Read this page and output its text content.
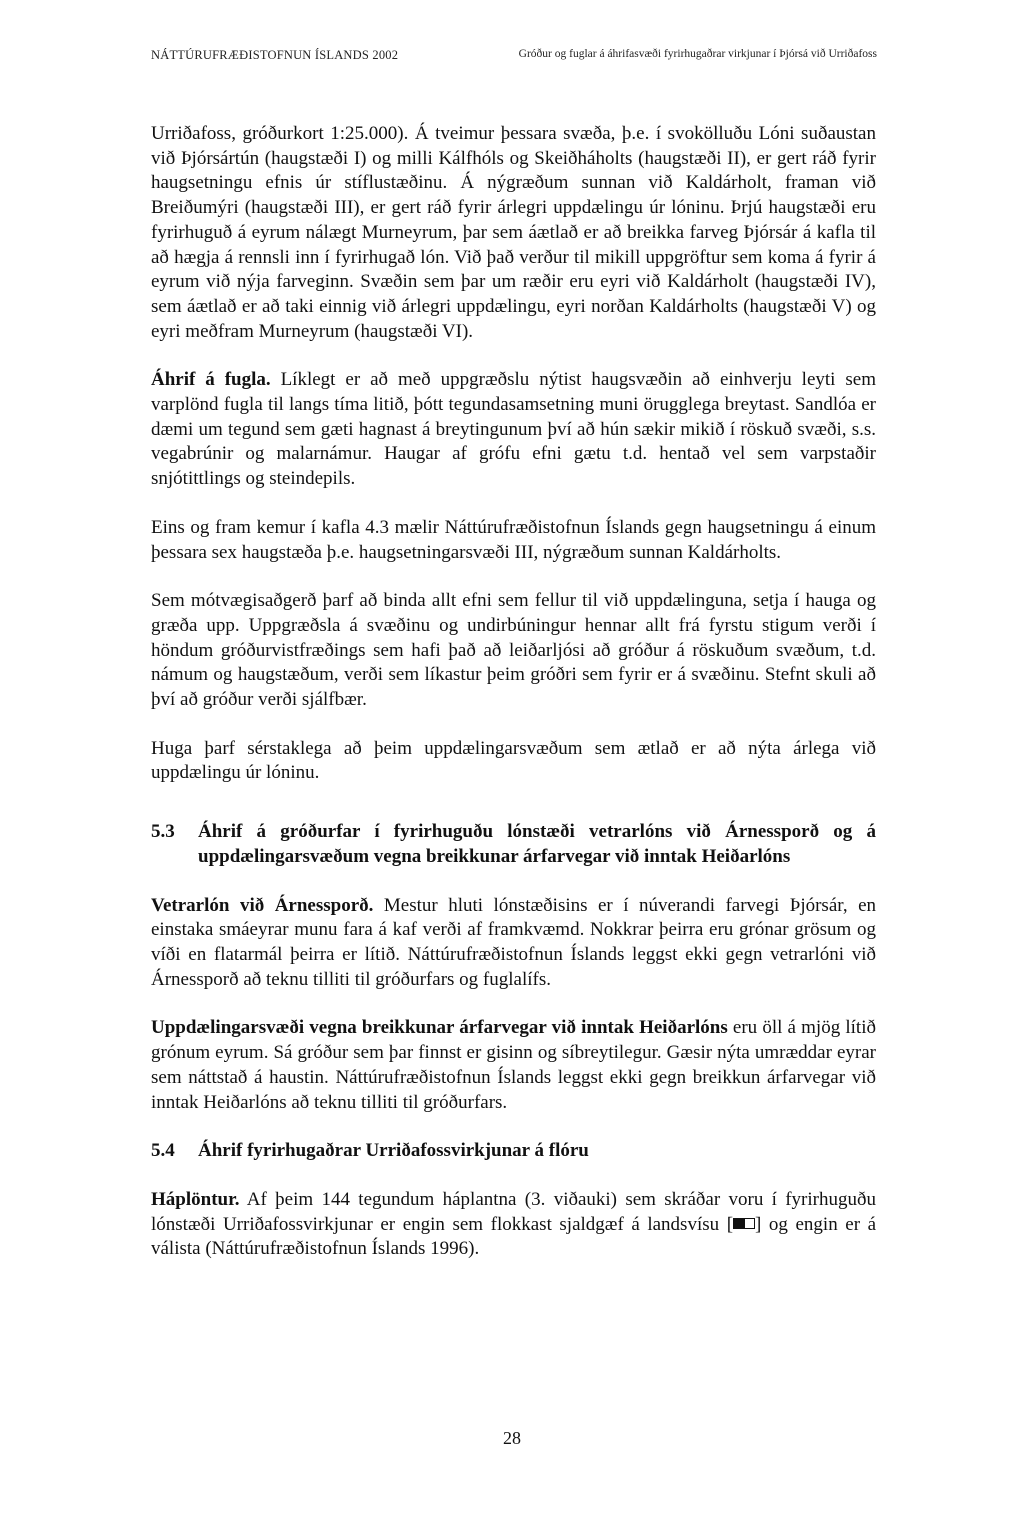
NÁTTÚRUFRÆÐISTOFNUN ÍSLANDS 2002	Gróður og fuglar á áhrifasvæði fyrirhugaðrar virkjunar í Þjórsá við Urriðafoss

Urriðafoss, gróðurkort 1:25.000). Á tveimur þessara svæða, þ.e. í svokölluðu Lóni suðaustan við Þjórsártún (haugstæði I) og milli Kálfhóls og Skeiðháholts (haugstæði II), er gert ráð fyrir haugsetningu efnis úr stíflustæðinu. Á nýgræðum sunnan við Kaldárholt, framan við Breiðumýri (haugstæði III), er gert ráð fyrir árlegri uppdælingu úr lóninu. Þrjú haugstæði eru fyrirhuguð á eyrum nálægt Murneyrum, þar sem áætlað er að breikka farveg Þjórsár á kafla til að hægja á rennsli inn í fyrirhugað lón. Við það verður til mikill uppgröftur sem koma á fyrir á eyrum við nýja farveginn. Svæðin sem þar um ræðir eru eyri við Kaldárholt (haugstæði IV), sem áætlað er að taki einnig við árlegri uppdælingu, eyri norðan Kaldárholts (haugstæði V) og eyri meðfram Murneyrum (haugstæði VI).

Áhrif á fugla. Líklegt er að með uppgræðslu nýtist haugsvæðin að einhverju leyti sem varplönd fugla til langs tíma litið, þótt tegundasamsetning muni örugglega breytast. Sandlóa er dæmi um tegund sem gæti hagnast á breytingunum því að hún sækir mikið í röskuð svæði, s.s. vegabrúnir og malarnámur. Haugar af grófu efni gætu t.d. hentað vel sem varpstaðir snjótittlings og steindepils.

Eins og fram kemur í kafla 4.3 mælir Náttúrufræðistofnun Íslands gegn haugsetningu á einum þessara sex haugstæða þ.e. haugsetningarsvæði III, nýgræðum sunnan Kaldárholts.

Sem mótvægisaðgerð þarf að binda allt efni sem fellur til við uppdælinguna, setja í hauga og græða upp. Uppgræðsla á svæðinu og undirbúningur hennar allt frá fyrstu stigum verði í höndum gróðurvistfræðings sem hafi það að leiðarljósi að gróður á röskuðum svæðum, t.d. námum og haugstæðum, verði sem líkastur þeim gróðri sem fyrir er á svæðinu. Stefnt skuli að því að gróður verði sjálfbær.

Huga þarf sérstaklega að þeim uppdælingarsvæðum sem ætlað er að nýta árlega við uppdælingu úr lóninu.

5.3	Áhrif á gróðurfar í fyrirhuguðu lónstæði vetrarlóns við Árnessporð og á uppdælingarsvæðum vegna breikkunar árfarvegar við inntak Heiðarlóns

Vetrarlón við Árnessporð. Mestur hluti lónstæðisins er í núverandi farvegi Þjórsár, en einstaka smáeyrar munu fara á kaf verði af framkvæmd. Nokkrar þeirra eru grónar grösum og víði en flatarmál þeirra er lítið. Náttúrufræðistofnun Íslands leggst ekki gegn vetrarlóni við Árnessporð að teknu tilliti til gróðurfars og fuglalífs.

Uppdælingarsvæði vegna breikkunar árfarvegar við inntak Heiðarlóns eru öll á mjög lítið grónum eyrum. Sá gróður sem þar finnst er gisinn og síbreytilegur. Gæsir nýta umræddar eyrar sem náttstað á haustin. Náttúrufræðistofnun Íslands leggst ekki gegn breikkun árfarvegar við inntak Heiðarlóns að teknu tilliti til gróðurfars.

5.4	Áhrif fyrirhugaðrar Urriðafossvirkjunar á flóru

Háplöntur. Af þeim 144 tegundum háplantna (3. viðauki) sem skráðar voru í fyrirhuguðu lónstæði Urriðafossvirkjunar er engin sem flokkast sjaldgæf á landsvísu [ ] og engin er á válista (Náttúrufræðistofnun Íslands 1996).

28
